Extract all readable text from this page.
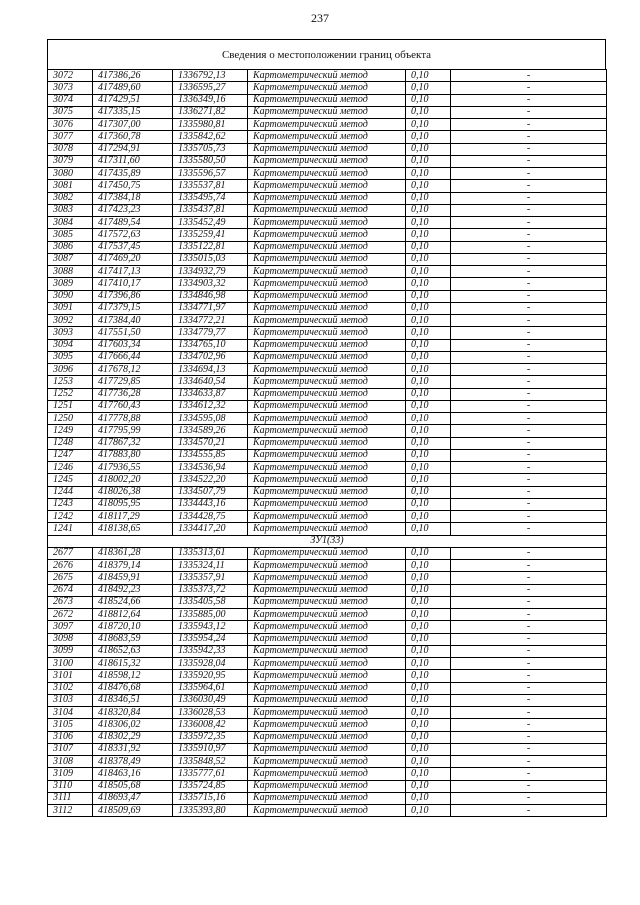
237
Сведения о местоположении границ объекта
3072	417386,26	1336792,13	Картометрический метод	0,10	-
3073	417489,60	1336595,27	Картометрический метод	0,10	-
3074	417429,51	1336349,16	Картометрический метод	0,10	-
3075	417335,15	1336271,82	Картометрический метод	0,10	-
3076	417307,00	1335980,81	Картометрический метод	0,10	-
3077	417360,78	1335842,62	Картометрический метод	0,10	-
3078	417294,91	1335705,73	Картометрический метод	0,10	-
3079	417311,60	1335580,50	Картометрический метод	0,10	-
3080	417435,89	1335596,57	Картометрический метод	0,10	-
3081	417450,75	1335537,81	Картометрический метод	0,10	-
3082	417384,18	1335495,74	Картометрический метод	0,10	-
3083	417423,23	1335437,81	Картометрический метод	0,10	-
3084	417489,54	1335452,49	Картометрический метод	0,10	-
3085	417572,63	1335259,41	Картометрический метод	0,10	-
3086	417537,45	1335122,81	Картометрический метод	0,10	-
3087	417469,20	1335015,03	Картометрический метод	0,10	-
3088	417417,13	1334932,79	Картометрический метод	0,10	-
3089	417410,17	1334903,32	Картометрический метод	0,10	-
3090	417396,86	1334846,98	Картометрический метод	0,10	-
3091	417379,15	1334771,97	Картометрический метод	0,10	-
3092	417384,40	1334772,21	Картометрический метод	0,10	-
3093	417551,50	1334779,77	Картометрический метод	0,10	-
3094	417603,34	1334765,10	Картометрический метод	0,10	-
3095	417666,44	1334702,96	Картометрический метод	0,10	-
3096	417678,12	1334694,13	Картометрический метод	0,10	-
1253	417729,85	1334640,54	Картометрический метод	0,10	-
1252	417736,28	1334633,87	Картометрический метод	0,10	-
1251	417760,43	1334612,32	Картометрический метод	0,10	-
1250	417778,88	1334595,08	Картометрический метод	0,10	-
1249	417795,99	1334589,26	Картометрический метод	0,10	-
1248	417867,32	1334570,21	Картометрический метод	0,10	-
1247	417883,80	1334555,85	Картометрический метод	0,10	-
1246	417936,55	1334536,94	Картометрический метод	0,10	-
1245	418002,20	1334522,20	Картометрический метод	0,10	-
1244	418026,38	1334507,79	Картометрический метод	0,10	-
1243	418095,95	1334443,16	Картометрический метод	0,10	-
1242	418117,29	1334428,75	Картометрический метод	0,10	-
1241	418138,65	1334417,20	Картометрический метод	0,10	-
ЗУ1(33)					
2677	418361,28	1335313,61	Картометрический метод	0,10	-
2676	418379,14	1335324,11	Картометрический метод	0,10	-
2675	418459,91	1335357,91	Картометрический метод	0,10	-
2674	418492,23	1335373,72	Картометрический метод	0,10	-
2673	418524,66	1335405,58	Картометрический метод	0,10	-
2672	418812,64	1335885,00	Картометрический метод	0,10	-
3097	418720,10	1335943,12	Картометрический метод	0,10	-
3098	418683,59	1335954,24	Картометрический метод	0,10	-
3099	418652,63	1335942,33	Картометрический метод	0,10	-
3100	418615,32	1335928,04	Картометрический метод	0,10	-
3101	418598,12	1335920,95	Картометрический метод	0,10	-
3102	418476,68	1335964,61	Картометрический метод	0,10	-
3103	418346,51	1336030,49	Картометрический метод	0,10	-
3104	418320,84	1336028,53	Картометрический метод	0,10	-
3105	418306,02	1336008,42	Картометрический метод	0,10	-
3106	418302,29	1335972,35	Картометрический метод	0,10	-
3107	418331,92	1335910,97	Картометрический метод	0,10	-
3108	418378,49	1335848,52	Картометрический метод	0,10	-
3109	418463,16	1335777,61	Картометрический метод	0,10	-
3110	418505,68	1335724,85	Картометрический метод	0,10	-
3111	418693,47	1335715,16	Картометрический метод	0,10	-
3112	418509,69	1335393,80	Картометрический метод	0,10	-
